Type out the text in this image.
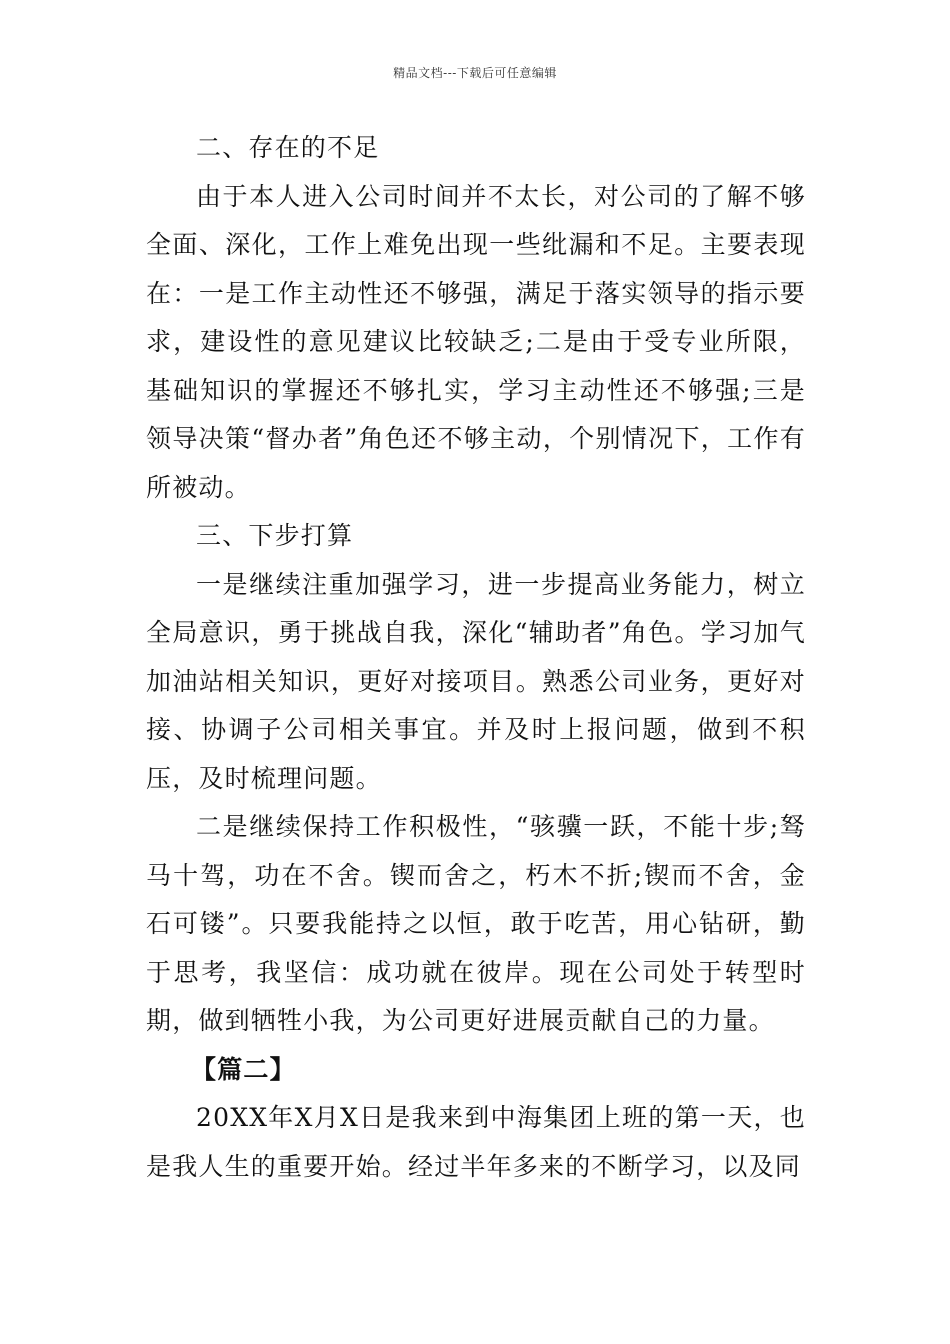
精品文档---下载后可任意编辑

二、存在的不足

由于本人进入公司时间并不太长，对公司的了解不够全面、深化，工作上难免出现一些纰漏和不足。主要表现在：一是工作主动性还不够强，满足于落实领导的指示要求，建设性的意见建议比较缺乏;二是由于受专业所限，基础知识的掌握还不够扎实，学习主动性还不够强;三是领导决策“督办者”角色还不够主动，个别情况下，工作有所被动。

三、下步打算

一是继续注重加强学习，进一步提高业务能力，树立全局意识，勇于挑战自我，深化“辅助者”角色。学习加气加油站相关知识，更好对接项目。熟悉公司业务，更好对接、协调子公司相关事宜。并及时上报问题，做到不积压，及时梳理问题。

二是继续保持工作积极性，“骇骥一跃，不能十步;驽马十驾，功在不舍。锲而舍之，朽木不折;锲而不舍，金石可镂”。只要我能持之以恒，敢于吃苦，用心钻研，勤于思考，我坚信：成功就在彼岸。现在公司处于转型时期，做到牺牲小我，为公司更好进展贡献自己的力量。

【篇二】

20XX年X月X日是我来到中海集团上班的第一天，也是我人生的重要开始。经过半年多来的不断学习，以及同
